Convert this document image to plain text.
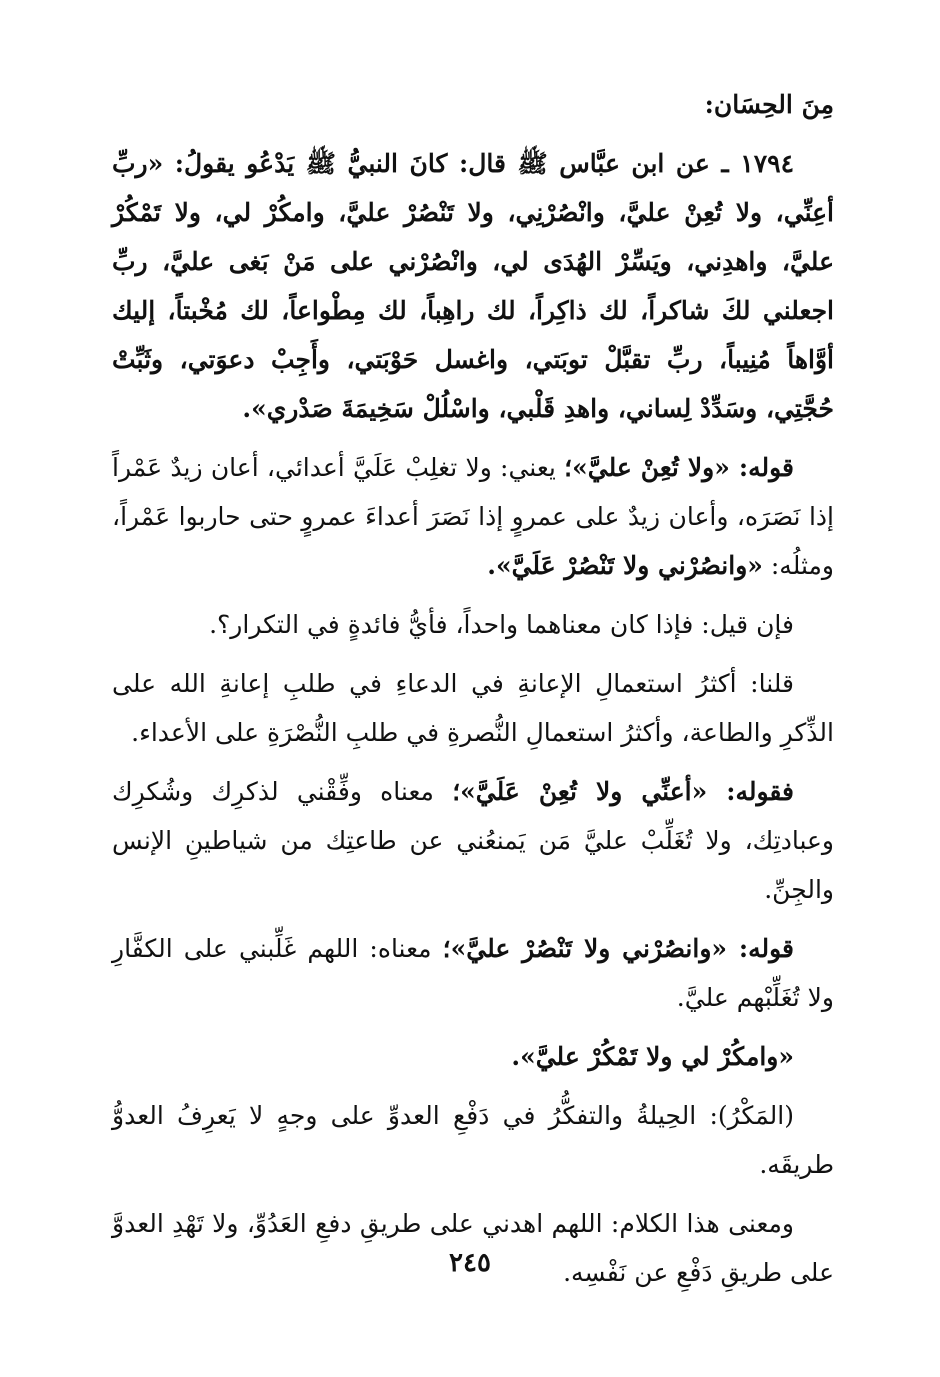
مِنَ الحِسَان:

١٧٩٤ ـ عن ابن عبَّاس ﷺ قال: كانَ النبيُّ ﷺ يَدْعُو يقولُ: «ربِّ أعِنِّي، ولا تُعِنْ عليَّ، وانْصُرْنِي، ولا تَنْصُرْ عليَّ، وامكُرْ لي، ولا تَمْكُرْ عليَّ، واهدِني، ويَسِّرْ الهُدَى لي، وانْصُرْني على مَنْ بَغى عليَّ، ربِّ اجعلني لكَ شاكراً، لك ذاكِراً، لك راهِباً، لك مِطْواعاً، لك مُخْبتاً، إليك أوَّاهاً مُنِيباً، ربِّ تقبَّلْ توبَتي، واغسل حَوْبَتي، وأَجِبْ دعوَتي، وثَبِّتْ حُجَّتِي، وسَدِّدْ لِساني، واهدِ قَلْبي، واسْلُلْ سَخِيمَةَ صَدْري».

قوله: «ولا تُعِنْ عليَّ»؛ يعني: ولا تغلِبْ عَلَيَّ أعدائي، أعان زيدٌ عَمْراً إذا نَصَرَه، وأعان زيدٌ على عمروٍ إذا نَصَرَ أعداءَ عمروٍ حتى حاربوا عَمْراً، ومثلُه: «وانصُرْني ولا تَنْصُرْ عَلَيَّ».

فإن قيل: فإذا كان معناهما واحداً، فأيُّ فائدةٍ في التكرار؟.

قلنا: أكثرُ استعمالِ الإعانةِ في الدعاءِ في طلبِ إعانةِ الله على الذِّكرِ والطاعة، وأكثرُ استعمالِ النُّصرةِ في طلبِ النُّصْرَةِ على الأعداء.

فقوله: «أعنِّي ولا تُعِنْ عَلَيَّ»؛ معناه وفِّقْني لذكرِك وشُكرِك وعبادتِك، ولا تُغَلِّبْ عليَّ مَن يَمنعُني عن طاعتِك من شياطينِ الإنس والجِنِّ.

قوله: «وانصُرْني ولا تَنْصُرْ عليَّ»؛ معناه: اللهم غَلِّبني على الكفَّارِ ولا تُغَلِّبْهم عليَّ.

«وامكُرْ لي ولا تَمْكُرْ عليَّ».

(المَكْرُ): الحِيلةُ والتفكُّرُ في دَفْعِ العدوِّ على وجهٍ لا يَعرِفُ العدوُّ طريقَه.

ومعنى هذا الكلام: اللهم اهدني على طريقِ دفعِ العَدُوِّ، ولا تَهْدِ العدوَّ على طريقِ دَفْعِ عن نَفْسِه.

٢٤٥
